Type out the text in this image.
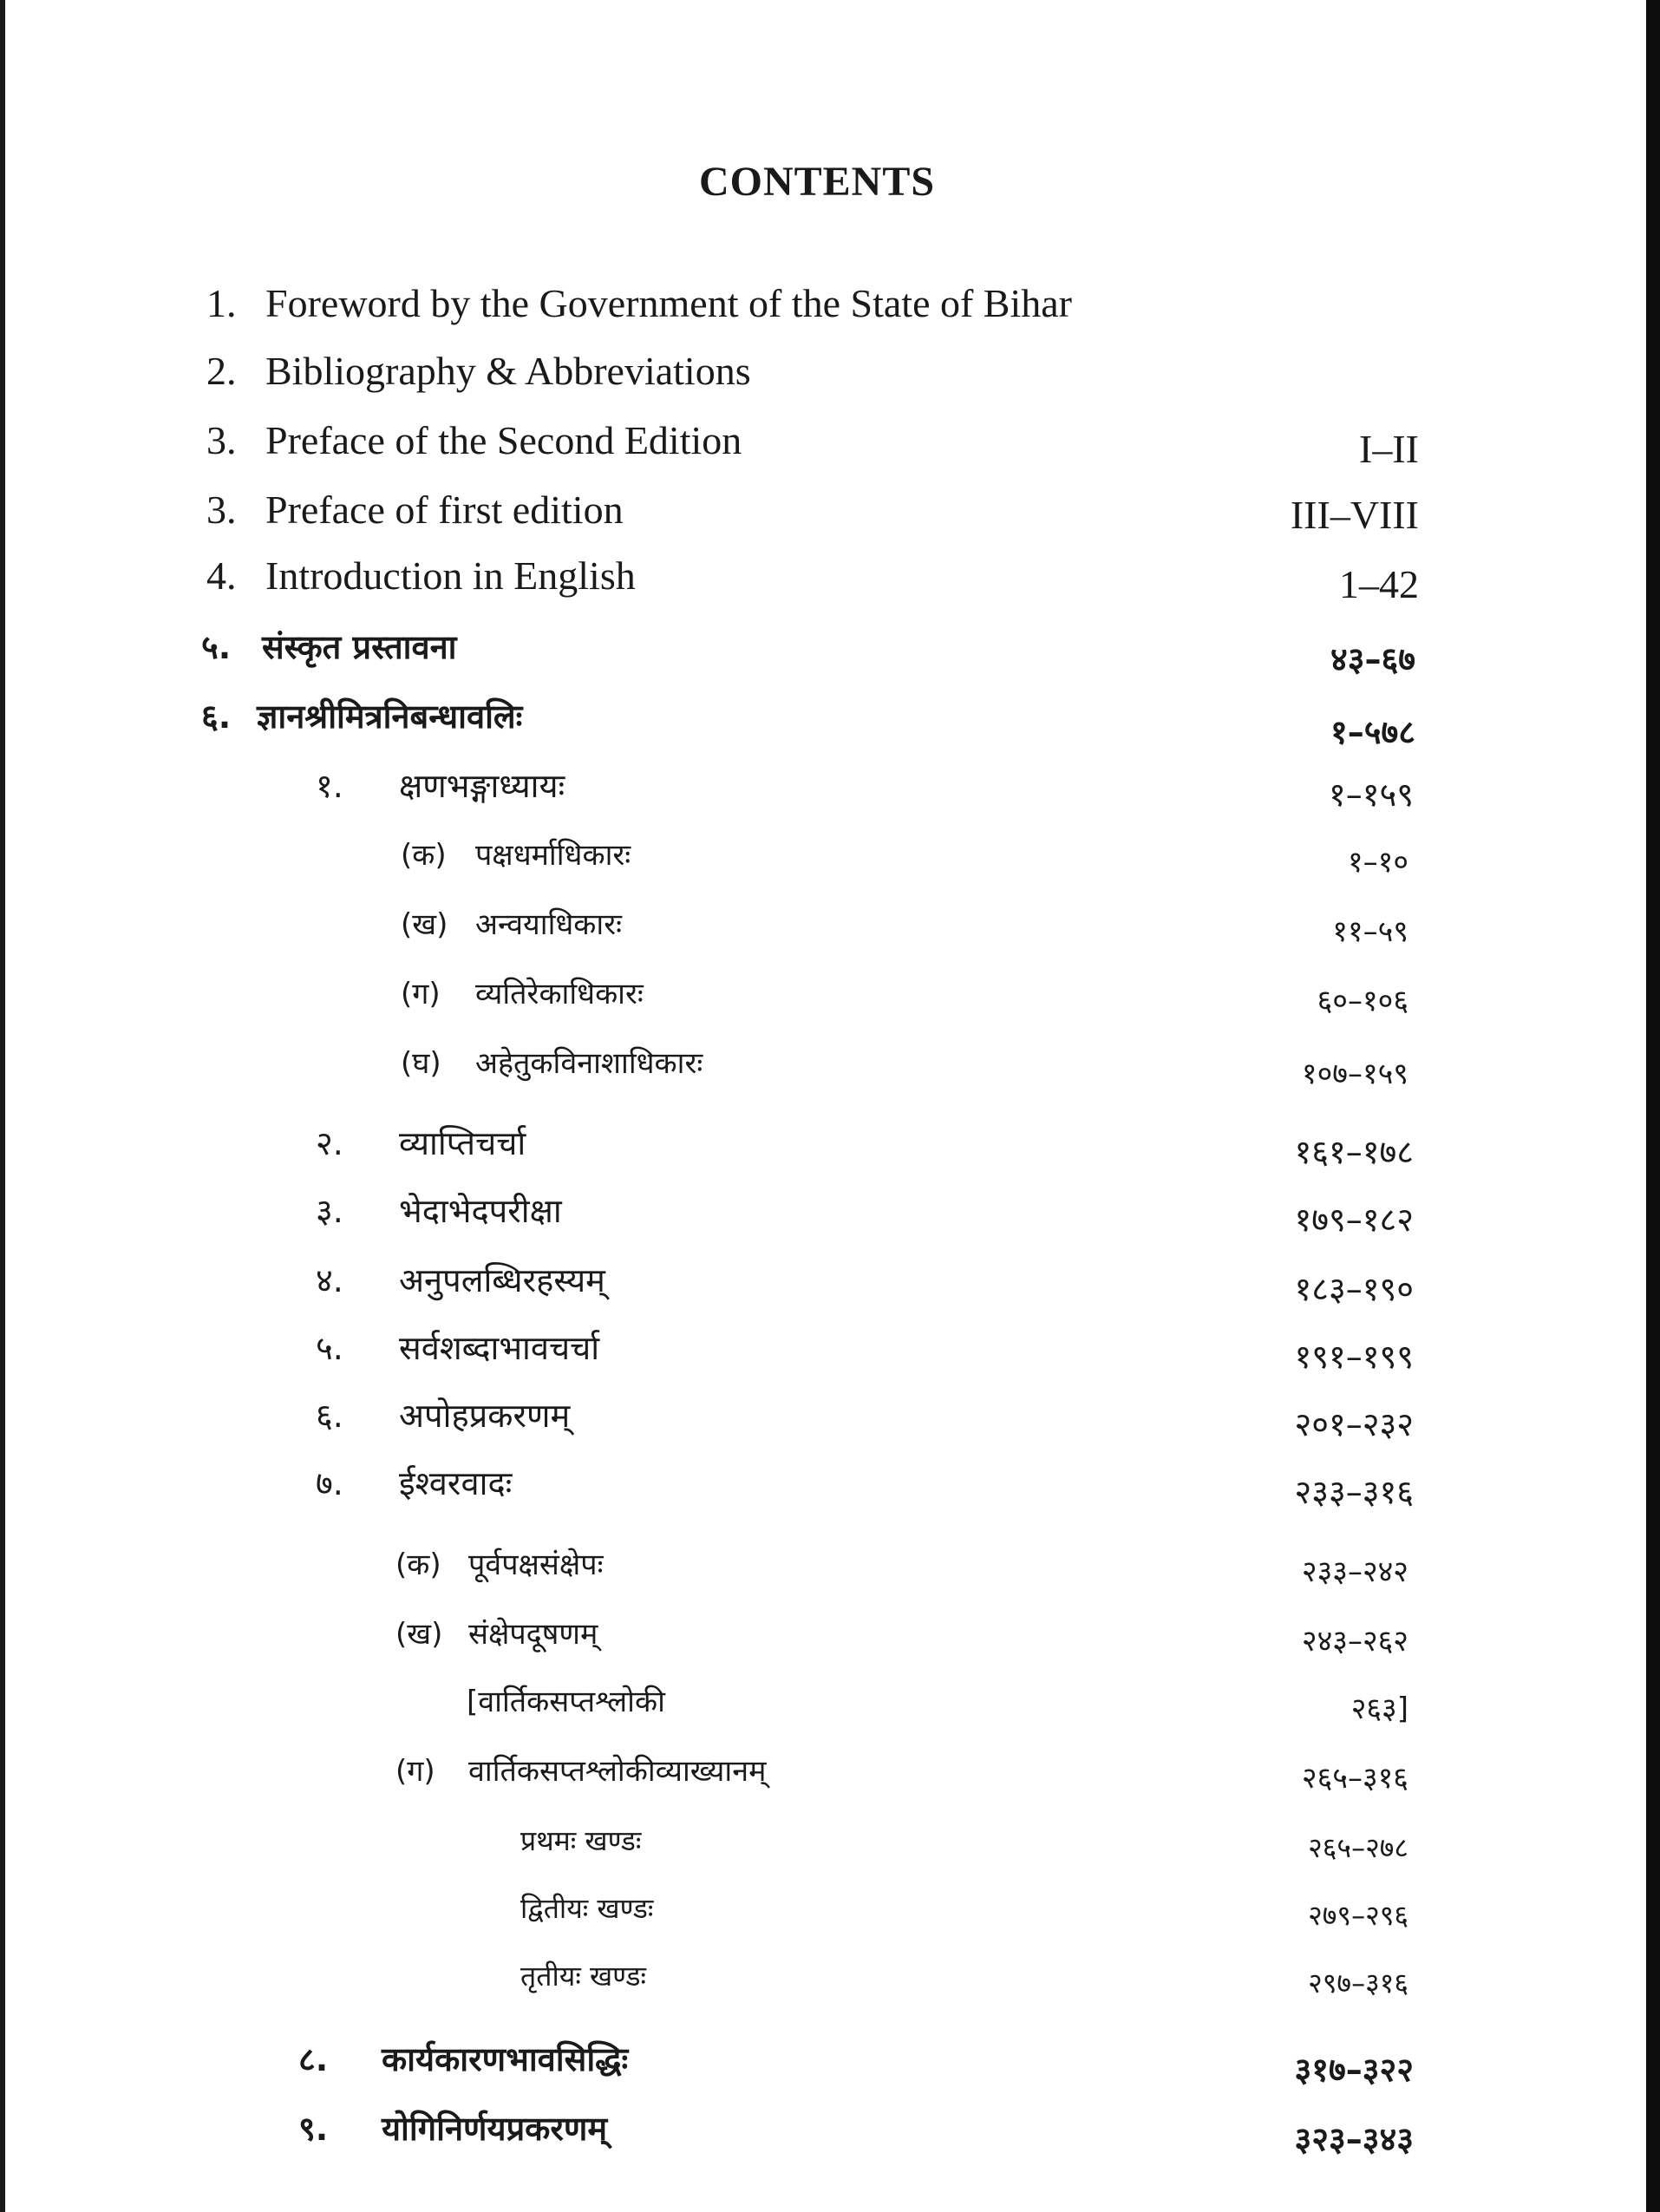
CONTENTS
1. Foreword by the Government of the State of Bihar
2. Bibliography & Abbreviations
3. Preface of the Second Edition	I–II
3. Preface of first edition	III–VIII
4. Introduction in English	1–42
५. संस्कृत प्रस्तावना	४३–६७
६. ज्ञानश्रीमित्रनिबन्धावलिः	१–५७८
१. क्षणभङ्गाध्यायः	१–१५९
(क) पक्षधर्माधिकारः	१–१०
(ख) अन्वयाधिकारः	११–५९
(ग) व्यतिरेकाधिकारः	६०–१०६
(घ) अहेतुकविनाशाधिकारः	१०७–१५९
२. व्याप्तिचर्चा	१६१–१७८
३. भेदाभेदपरीक्षा	१७९–१८२
४. अनुपलब्धिरहस्यम्	१८३–१९०
५. सर्वशब्दाभावचर्चा	१९१–१९९
६. अपोहप्रकरणम्	२०१–२३२
७. ईश्वरवादः	२३३–३१६
(क) पूर्वपक्षसंक्षेपः	२३३–२४२
(ख) संक्षेपदूषणम्	२४३–२६२
[वार्तिकसप्तश्लोकी	२६३]
(ग) वार्तिकसप्तश्लोकीव्याख्यानम्	२६५–३१६
प्रथमः खण्डः	२६५–२७८
द्वितीयः खण्डः	२७९–२९६
तृतीयः खण्डः	२९७–३१६
८. कार्यकारणभावसिद्धिः	३१७–३२२
९. योगिनिर्णयप्रकरणम्	३२३–३४३
